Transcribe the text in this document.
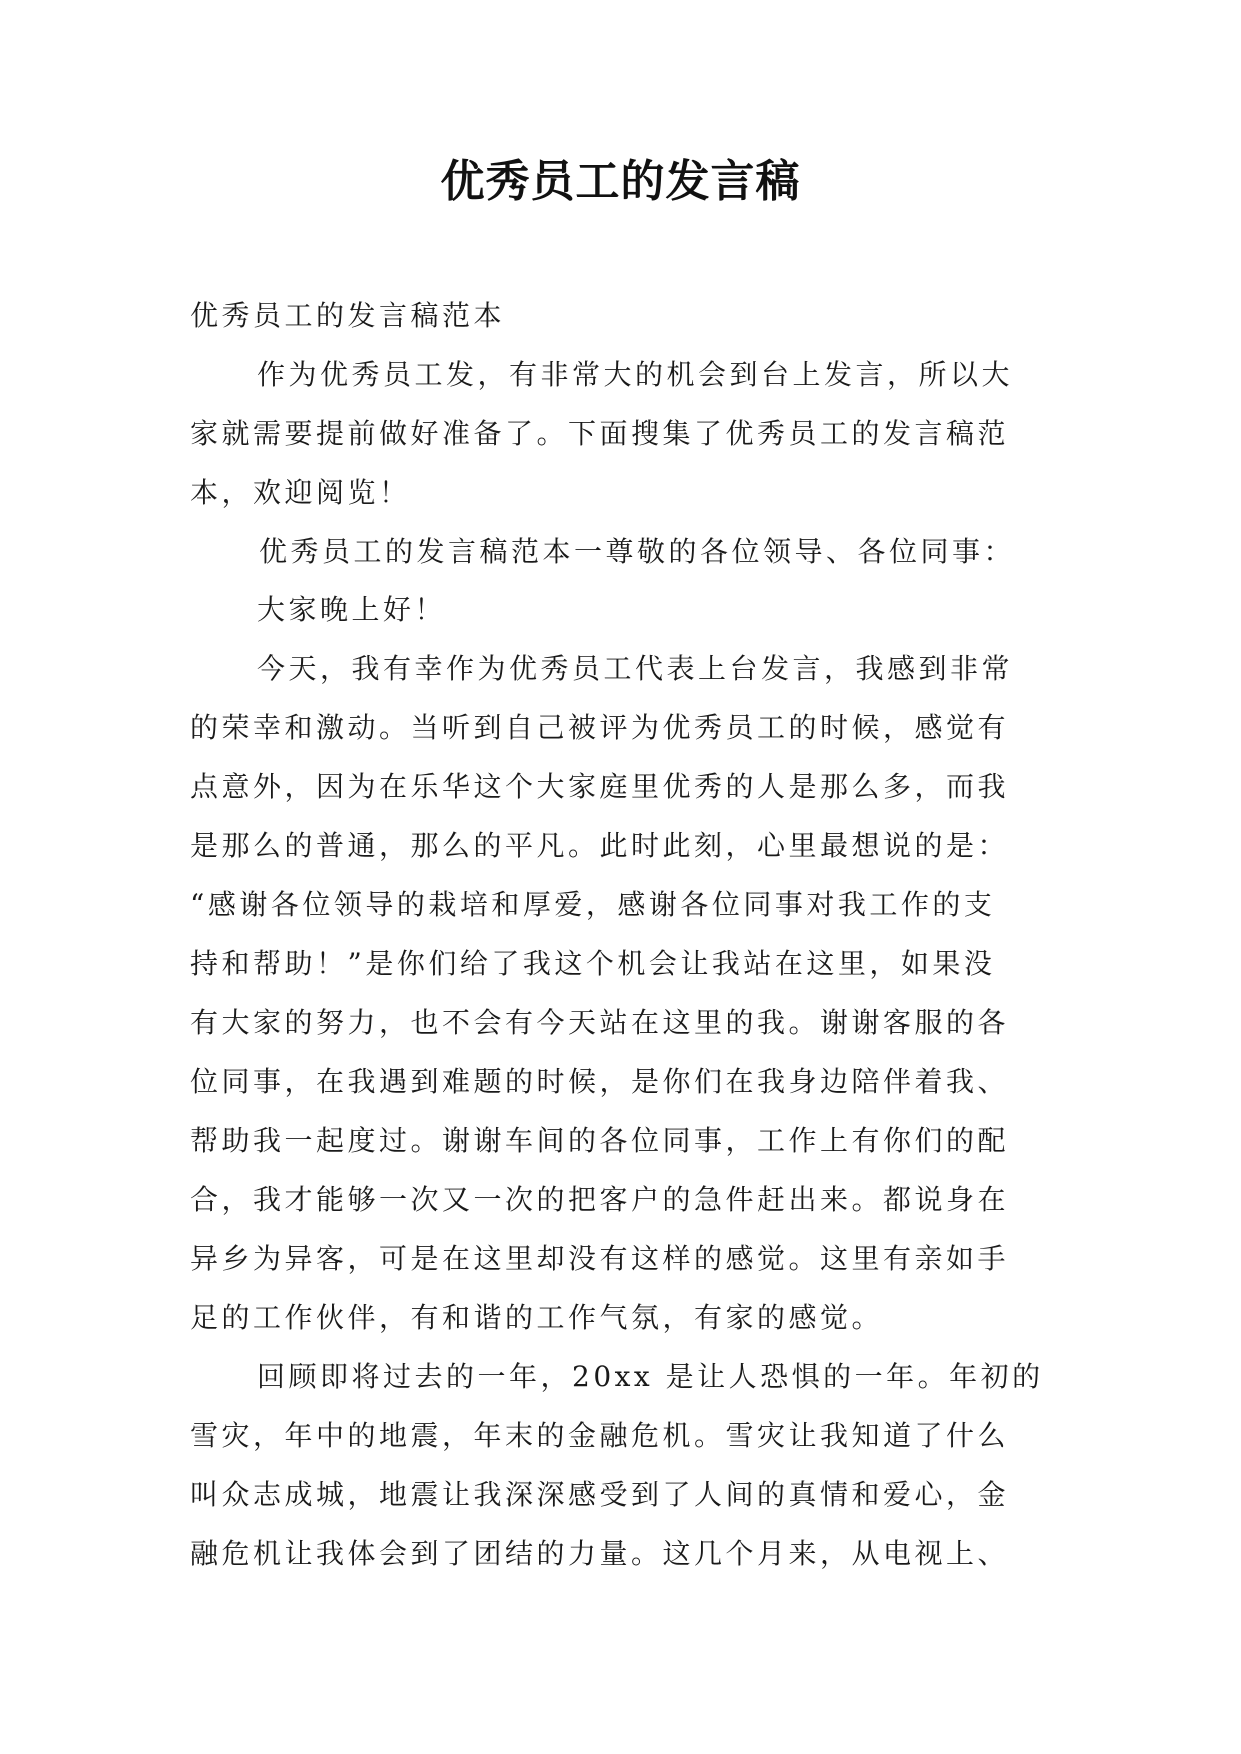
优秀员工的发言稿

优秀员工的发言稿范本

作为优秀员工发，有非常大的机会到台上发言，所以大

家就需要提前做好准备了。下面搜集了优秀员工的发言稿范

本，欢迎阅览！

优秀员工的发言稿范本一尊敬的各位领导、各位同事：

大家晚上好！

今天，我有幸作为优秀员工代表上台发言，我感到非常

的荣幸和激动。当听到自己被评为优秀员工的时候，感觉有

点意外，因为在乐华这个大家庭里优秀的人是那么多，而我

是那么的普通，那么的平凡。此时此刻，心里最想说的是：

“感谢各位领导的栽培和厚爱，感谢各位同事对我工作的支

持和帮助！”是你们给了我这个机会让我站在这里，如果没

有大家的努力，也不会有今天站在这里的我。谢谢客服的各

位同事，在我遇到难题的时候，是你们在我身边陪伴着我、

帮助我一起度过。谢谢车间的各位同事，工作上有你们的配

合，我才能够一次又一次的把客户的急件赶出来。都说身在

异乡为异客，可是在这里却没有这样的感觉。这里有亲如手

足的工作伙伴，有和谐的工作气氛，有家的感觉。

回顾即将过去的一年，20xx 是让人恐惧的一年。年初的

雪灾，年中的地震，年末的金融危机。雪灾让我知道了什么

叫众志成城，地震让我深深感受到了人间的真情和爱心，金

融危机让我体会到了团结的力量。这几个月来，从电视上、
